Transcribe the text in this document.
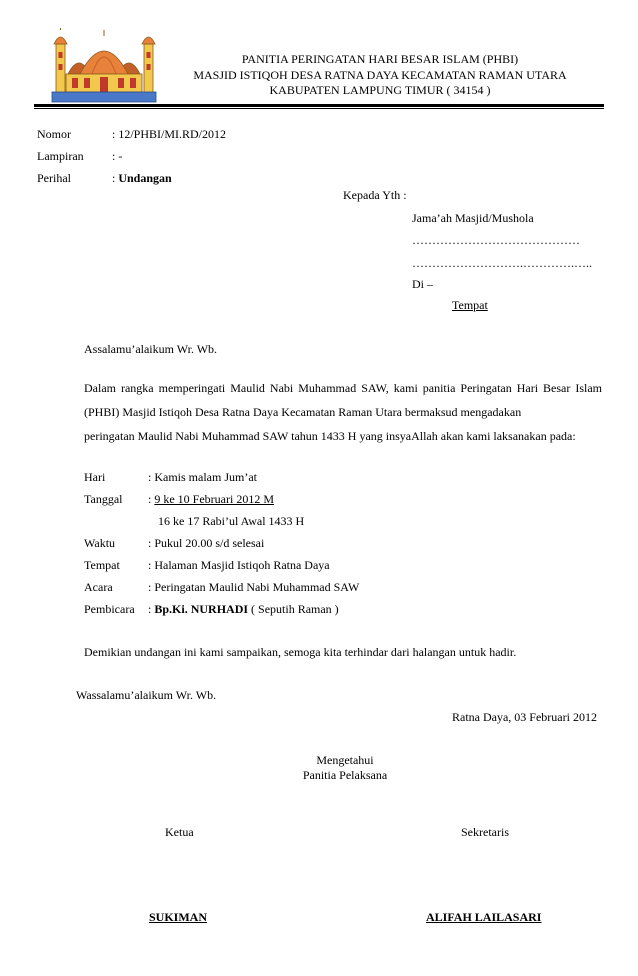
PANITIA PERINGATAN HARI BESAR ISLAM (PHBI)
MASJID ISTIQOH DESA RATNA DAYA KECAMATAN RAMAN UTARA
KABUPATEN LAMPUNG TIMUR ( 34154 )
Nomor	: 12/PHBI/MI.RD/2012
Lampiran : -
Perihal	: Undangan
Kepada Yth :
Jama’ah Masjid/Mushola
……………………………………
……………………….………….…..
Di –
Tempat
Assalamu’alaikum Wr. Wb.
Dalam rangka memperingati Maulid Nabi Muhammad SAW, kami panitia Peringatan Hari Besar Islam (PHBI) Masjid Istiqoh Desa Ratna Daya Kecamatan Raman Utara bermaksud mengadakan
peringatan Maulid Nabi Muhammad SAW tahun 1433 H yang insyaAllah akan kami laksanakan pada:
Hari	: Kamis malam Jum’at
Tanggal : 9 ke 10 Februari 2012 M
16 ke 17 Rabi’ul Awal 1433 H
Waktu	: Pukul 20.00 s/d selesai
Tempat : Halaman Masjid Istiqoh Ratna Daya
Acara	: Peringatan Maulid Nabi Muhammad SAW
Pembicara : Bp.Ki. NURHADI ( Seputih Raman )
Demikian undangan ini kami sampaikan, semoga kita terhindar dari halangan untuk hadir.
Wassalamu’alaikum Wr. Wb.
Ratna Daya, 03 Februari 2012
Mengetahui
Panitia Pelaksana
Ketua	Sekretaris
SUKIMAN	ALIFAH LAILASARI
